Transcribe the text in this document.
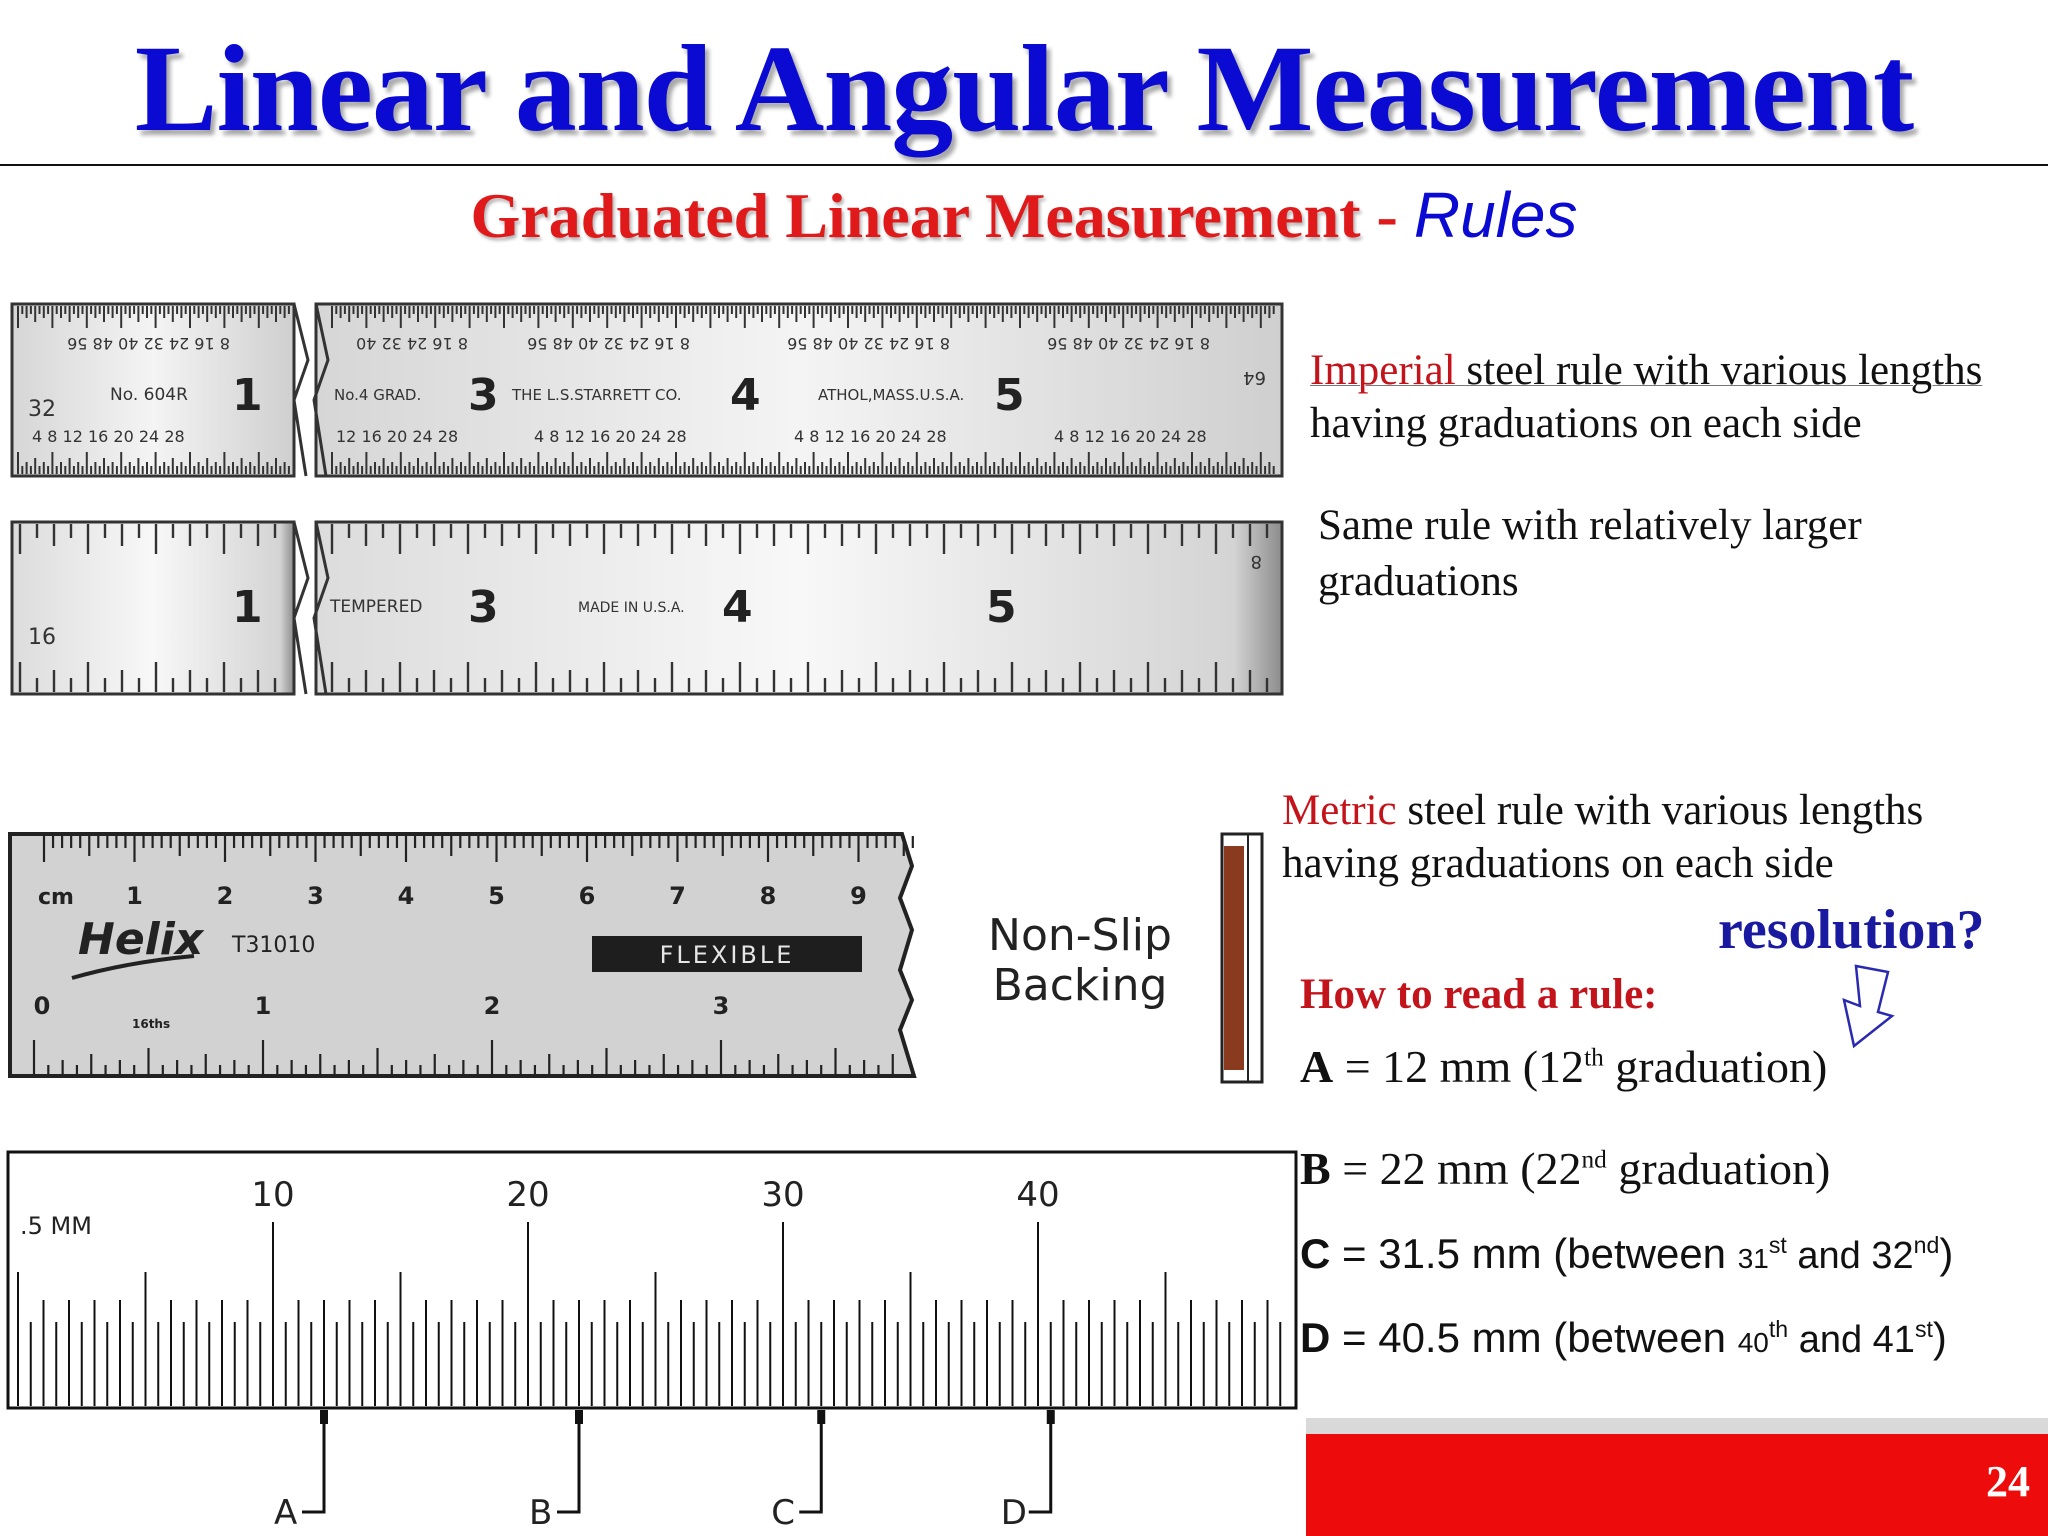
Linear and Angular Measurement
Graduated Linear Measurement - Rules
8 16 24 32 40 48 56	8 16 24 32 40	8 16 24 32 40 48 56	8 16 24 32 40 48 56	8 16 24 32 40 48 56
4 8 12 16 20 24 28	12 16 20 24 28	4 8 12 16 20 24 28	4 8 12 16 20 24 28	4 8 12 16 20 24 28
32
No. 604R	No.4 GRAD.	THE L.S.STARRETT CO.	ATHOL,MASS.U.S.A.
1	3	4	5	64
16
TEMPERED	MADE IN U.S.A.
1	3	4	5
8
cm 1	2	3	4	5	6	7	8	9
0	1	2	3
Helix T31010	FLEXIBLE
16ths
Non-Slip
Backing
.5 MM
10	20	30	40
A	B	C	D
Imperial steel rule with various lengths
having graduations on each side
Same rule with relatively larger
graduations
Metric steel rule with various lengths
having graduations on each side
resolution?
How to read a rule:
A = 12 mm (12th graduation)
B = 22 mm (22nd graduation)
C = 31.5 mm (between 31st and 32nd)
D = 40.5 mm (between 40th and 41st)
24
